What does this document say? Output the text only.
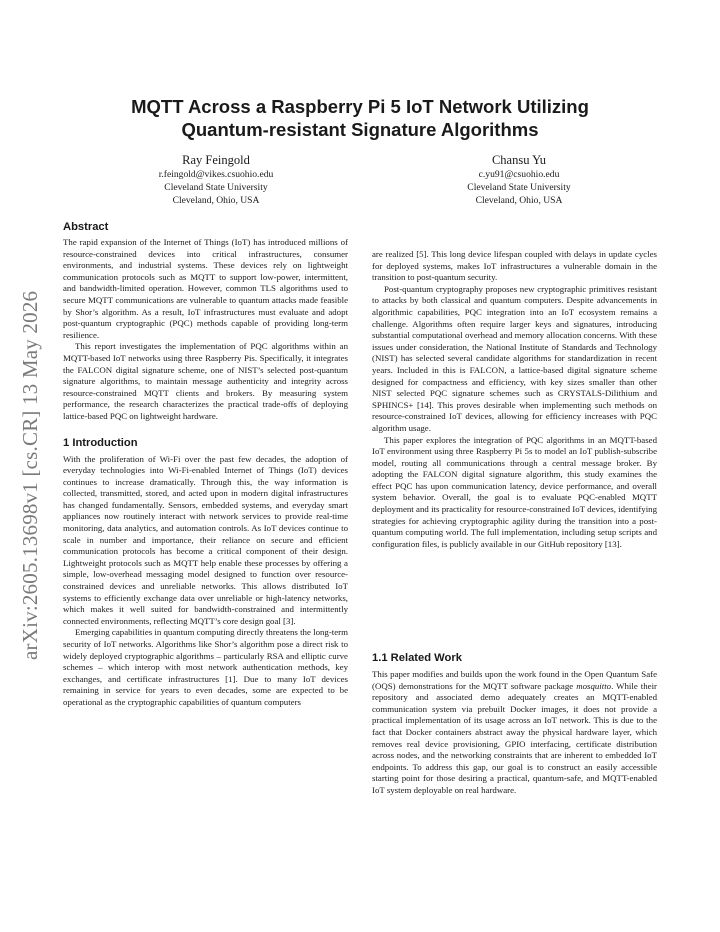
arXiv:2605.13698v1 [cs.CR] 13 May 2026
MQTT Across a Raspberry Pi 5 IoT Network Utilizing
Quantum-resistant Signature Algorithms
Ray Feingold
r.feingold@vikes.csuohio.edu
Cleveland State University
Cleveland, Ohio, USA
Chansu Yu
c.yu91@csuohio.edu
Cleveland State University
Cleveland, Ohio, USA
Abstract

The rapid expansion of the Internet of Things (IoT) has introduced millions of resource-constrained devices into critical infrastructures, consumer environments, and industrial systems. These devices rely on lightweight communication protocols such as MQTT to support low-power, intermittent, and bandwidth-limited operation. However, common TLS algorithms used to secure MQTT communications are vulnerable to quantum attacks made feasible by Shor’s algorithm. As a result, IoT infrastructures must evaluate and adopt post-quantum cryptographic (PQC) methods capable of providing long-term resilience.

This report investigates the implementation of PQC algorithms within an MQTT-based IoT networks using three Raspberry Pis. Specifically, it integrates the FALCON digital signature scheme, one of NIST’s selected post-quantum signature algorithms, to maintain message authenticity and integrity across resource-constrained MQTT clients and brokers. By measuring system performance, the research characterizes the practical trade-offs of deploying lattice-based PQC on lightweight hardware.

1 Introduction

With the proliferation of Wi-Fi over the past few decades, the adoption of everyday technologies into Wi-Fi-enabled Internet of Things (IoT) devices continues to increase dramatically. Through this, the way information is collected, transmitted, stored, and acted upon in modern digital infrastructures has changed fundamentally. Sensors, embedded systems, and everyday smart appliances now routinely interact with network services to provide real-time monitoring, data analytics, and automation controls. As IoT devices continue to scale in number and importance, their reliance on secure and efficient communication protocols has become a critical component of their design. Lightweight protocols such as MQTT help enable these processes by offering a simple, low-overhead messaging model designed to function over resource-constrained devices and unreliable networks. This allows distributed IoT systems to efficiently exchange data over unreliable or high-latency networks, which makes it well suited for bandwidth-constrained and intermittently connected environments, reflecting MQTT’s core design goal [3].

Emerging capabilities in quantum computing directly threatens the long-term security of IoT networks. Algorithms like Shor’s algorithm pose a direct risk to widely deployed cryptographic algorithms – particularly RSA and elliptic curve schemes – which interop with most network authentication methods, key exchanges, and certificate infrastructures [1]. Due to many IoT devices remaining in service for years to even decades, some are expected to be operational as the cryptographic capabilities of quantum computers

are realized [5]. This long device lifespan coupled with delays in update cycles for deployed systems, makes IoT infrastructures a vulnerable domain in the transition to post-quantum security.

Post-quantum cryptography proposes new cryptographic primitives resistant to attacks by both classical and quantum computers. Despite advancements in algorithmic capabilities, PQC integration into an IoT ecosystem remains a challenge. Algorithms often require larger keys and signatures, introducing substantial computational overhead and memory allocation concerns. With these issues under consideration, the National Institute of Standards and Technology (NIST) has selected several candidate algorithms for standardization in recent years. Included in this is FALCON, a lattice-based digital signature scheme designed for compactness and efficiency, with key sizes smaller than other NIST selected PQC signature schemes such as CRYSTALS-Dilithium and SPHINCS+ [14]. This proves desirable when implementing such methods on resource-constrained IoT devices, allowing for efficiency increases with PQC algorithm usage.

This paper explores the integration of PQC algorithms in an MQTT-based IoT environment using three Raspberry Pi 5s to model an IoT publish-subscribe model, routing all communications through a central message broker. By adopting the FALCON digital signature algorithm, this study examines the effect PQC has upon communication latency, device performance, and overall system behavior. Overall, the goal is to evaluate PQC-enabled MQTT deployment and its practicality for resource-constrained IoT devices, identifying strategies for achieving cryptographic agility during the transition into a post-quantum computing world. The full implementation, including setup scripts and configuration files, is publicly available in our GitHub repository [13].

1.1 Related Work

This paper modifies and builds upon the work found in the Open Quantum Safe (OQS) demonstrations for the MQTT software package mosquitto. While their repository and associated demo adequately creates an MQTT-enabled communication system via prebuilt Docker images, it does not provide a practical implementation of its usage across an IoT network. This is due to the fact that Docker containers abstract away the physical hardware layer, which removes real device provisioning, GPIO interfacing, certificate distribution across nodes, and the networking constraints that are inherent to embedded IoT endpoints. To address this gap, our goal is to construct an easily accessible starting point for those desiring a practical, quantum-safe, and MQTT-enabled IoT system deployable on real hardware.
